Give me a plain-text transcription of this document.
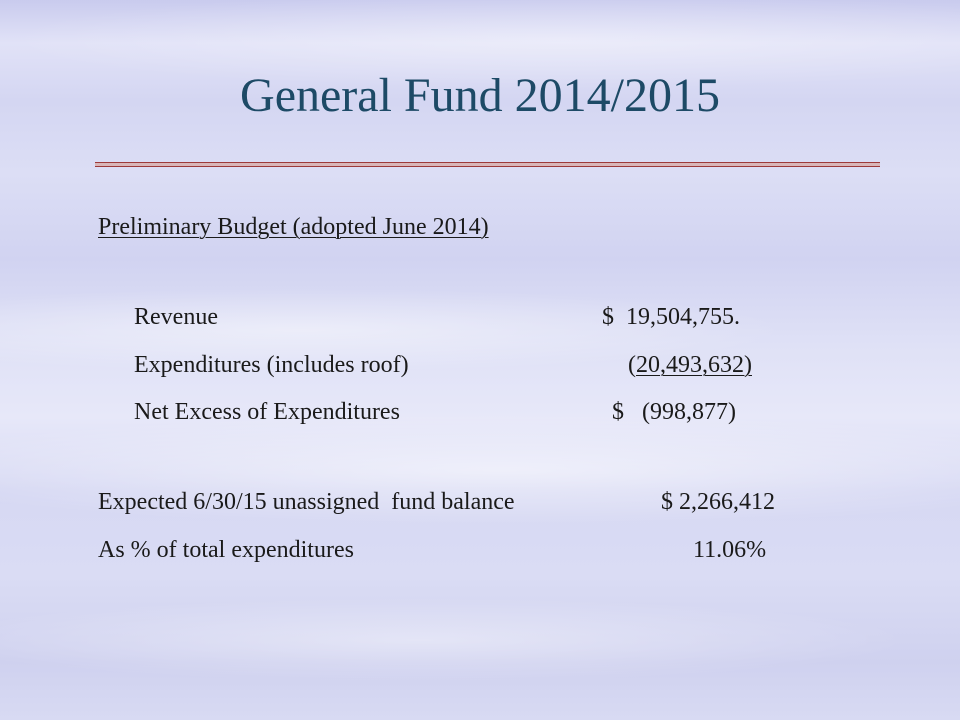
General Fund 2014/2015
Preliminary Budget (adopted June 2014)
Revenue	$  19,504,755.
Expenditures (includes roof)	(20,493,632)
Net Excess of Expenditures	$   (998,877)
Expected 6/30/15 unassigned  fund balance	$ 2,266,412
As % of total expenditures	11.06%
